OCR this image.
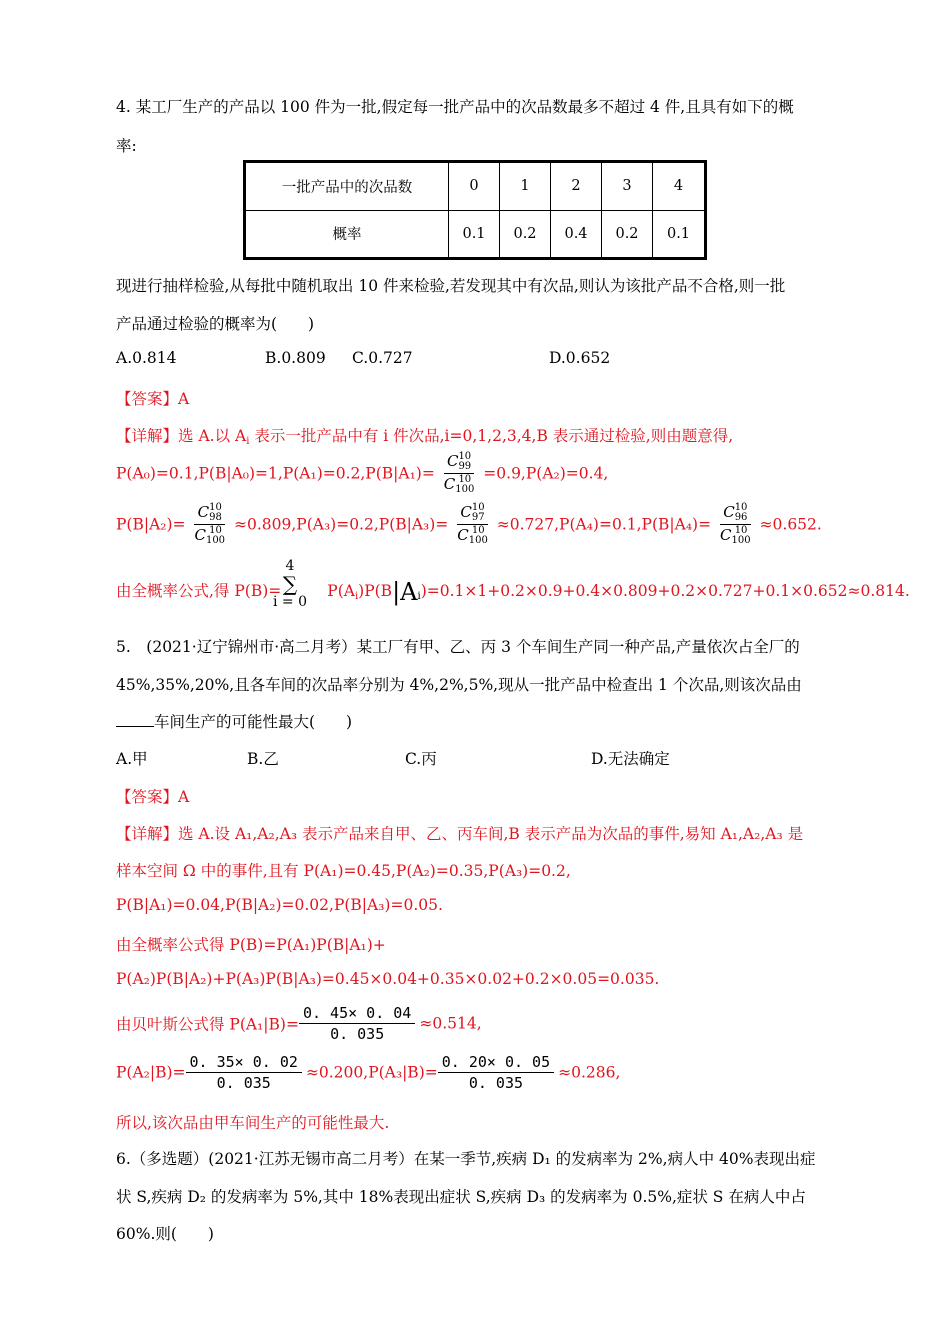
4. 某工厂生产的产品以 100 件为一批,假定每一批产品中的次品数最多不超过 4 件,且具有如下的概
率:
一批产品中的次品数	0	1	2	3	4
概率	0.1	0.2	0.4	0.2	0.1
现进行抽样检验,从每批中随机取出 10 件来检验,若发现其中有次品,则认为该批产品不合格,则一批
产品通过检验的概率为(　　)
A.0.814	B.0.809 C.0.727	D.0.652
【答案】A
【详解】选 A.以 $A_i$ 表示一批产品中有 i 件次品,i=0,1,2,3,4,B 表示通过检验,则由题意得,
P(A₀)=0.1,P(B|A₀)=1,P(A₁)=0.2,P(B|A₁)= C 10
99
C 10
100 =0.9,P(A₂)=0.4,
P(B|A₂)= C 10
98
C 10
100 ≈0.809,P(A₃)=0.2,P(B|A₃)= C 10
97
C 10
100 ≈0.727,P(A₄)=0.1,P(B|A₄)= C 10
96
C 10
100 ≈0.652.
4
∑
i = 0
由全概率公式,得 P(B)=	$P(A_i)P(B|A_i)=0.1\times 1+0.2\times 0.9+0.4\times 0.809+0.2\times 0.727+0.1\times 0.652\approx 0.814$.
5.　(2021·辽宁锦州市·高二月考）某工厂有甲、乙、丙 3 个车间生产同一种产品,产量依次占全厂的
45%,35%,20%,且各车间的次品率分别为 4%,2%,5%,现从一批产品中检查出 1 个次品,则该次品由
车间生产的可能性最大(　　)
A.甲	B.乙	C.丙	D.无法确定
【答案】A
【详解】选 A.设 A₁,A₂,A₃ 表示产品来自甲、乙、丙车间,B 表示产品为次品的事件,易知 A₁,A₂,A₃ 是
样本空间 Ω 中的事件,且有 P(A₁)=0.45,P(A₂)=0.35,P(A₃)=0.2,
P(B|A₁)=0.04,P(B|A₂)=0.02,P(B|A₃)=0.05.
由全概率公式得 P(B)=P(A₁)P(B|A₁)+
P(A₂)P(B|A₂)+P(A₃)P(B|A₃)=0.45×0.04+0.35×0.02+0.2×0.05=0.035.
由贝叶斯公式得 $P(A_1|B)= \frac{0. 45\times 0. 04}{0. 035} \approx 0.514$,
$P(A_2|B)= \frac{0. 35\times 0. 02}{0. 035} \approx 0.200,P(A_3|B)= \frac{0. 20\times 0. 05}{0. 035} \approx 0.286$,
所以,该次品由甲车间生产的可能性最大.
6.（多选题）(2021·江苏无锡市高二月考）在某一季节,疾病 D₁ 的发病率为 2%,病人中 40%表现出症
状 S,疾病 D₂ 的发病率为 5%,其中 18%表现出症状 S,疾病 D₃ 的发病率为 0.5%,症状 S 在病人中占
60%.则(　　)
